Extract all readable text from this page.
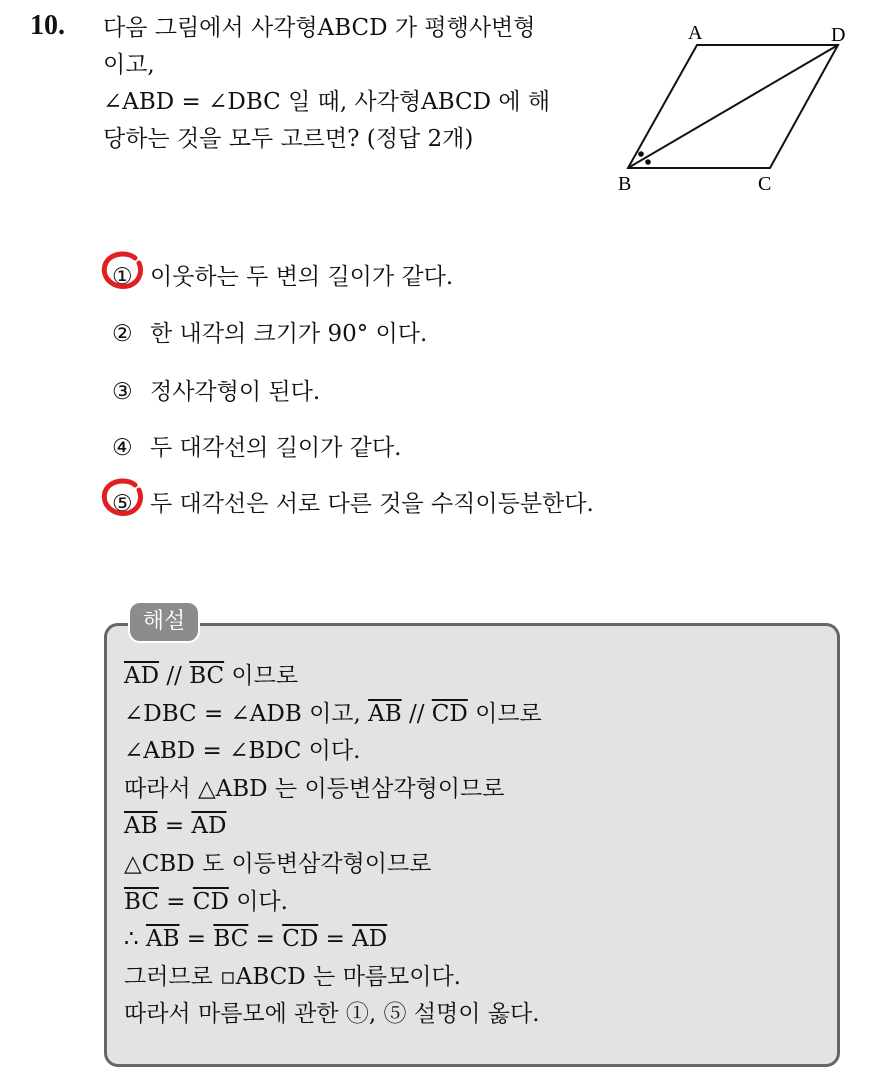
10. 다음 그림에서 사각형ABCD 가 평행사변형
이고,
∠ABD = ∠DBC 일 때, 사각형ABCD 에 해
당하는 것을 모두 고르면? (정답 2개)
A	D
B	C
① 이웃하는 두 변의 길이가 같다.
② 한 내각의 크기가 90° 이다.
③ 정사각형이 된다.
④ 두 대각선의 길이가 같다.
⑤ 두 대각선은 서로 다른 것을 수직이등분한다.
해설
$\overline{AD} // \overline{BC}$ 이므로
∠DBC = ∠ADB 이고, $\overline{AB} // \overline{CD}$ 이므로
∠ABD = ∠BDC 이다.
따라서 △ABD 는 이등변삼각형이므로
$\overline{AB} = \overline{AD}$
△CBD 도 이등변삼각형이므로
$\overline{BC} = \overline{CD}$ 이다.
∴ $\overline{AB} = \overline{BC} = \overline{CD} = \overline{AD}$
그러므로 ▫ABCD 는 마름모이다.
따라서 마름모에 관한 ①, ⑤ 설명이 옳다.
